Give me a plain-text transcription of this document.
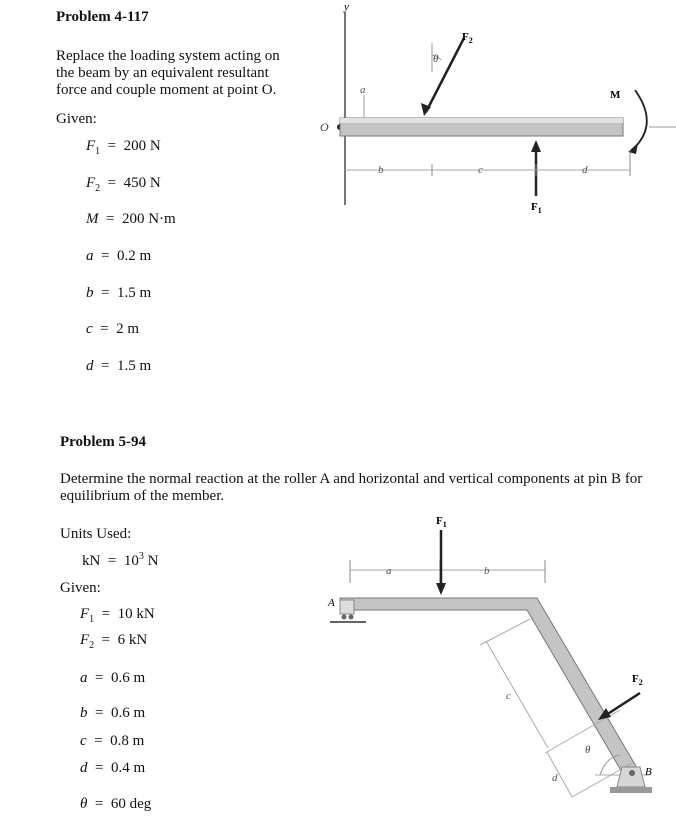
Problem 4-117
Replace the loading system acting on
the beam by an equivalent resultant
force and couple moment at point O.
Given:
$F_1 = 200$ N
$F_2 = 450$ N
M  =  200 N·m
a  =  0.2 m
b  =  1.5 m
c  =  2 m
d  =  1.5 m
y
O
a
θ
$F_2$
M
$F_1$
b	c	d
Problem 5-94
Determine the normal reaction at the roller A and horizontal and vertical components at pin B for
equilibrium of the member.
Units Used:
kN = $10^3$ N
Given:
$F_1 = 10$ kN
$F_2 = 6$ kN
a  =  0.6 m
b  =  0.6 m
c  =  0.8 m
d  =  0.4 m
θ  =  60 deg
a	b
$F_1$
A
c
d
$F_2$
θ
B
